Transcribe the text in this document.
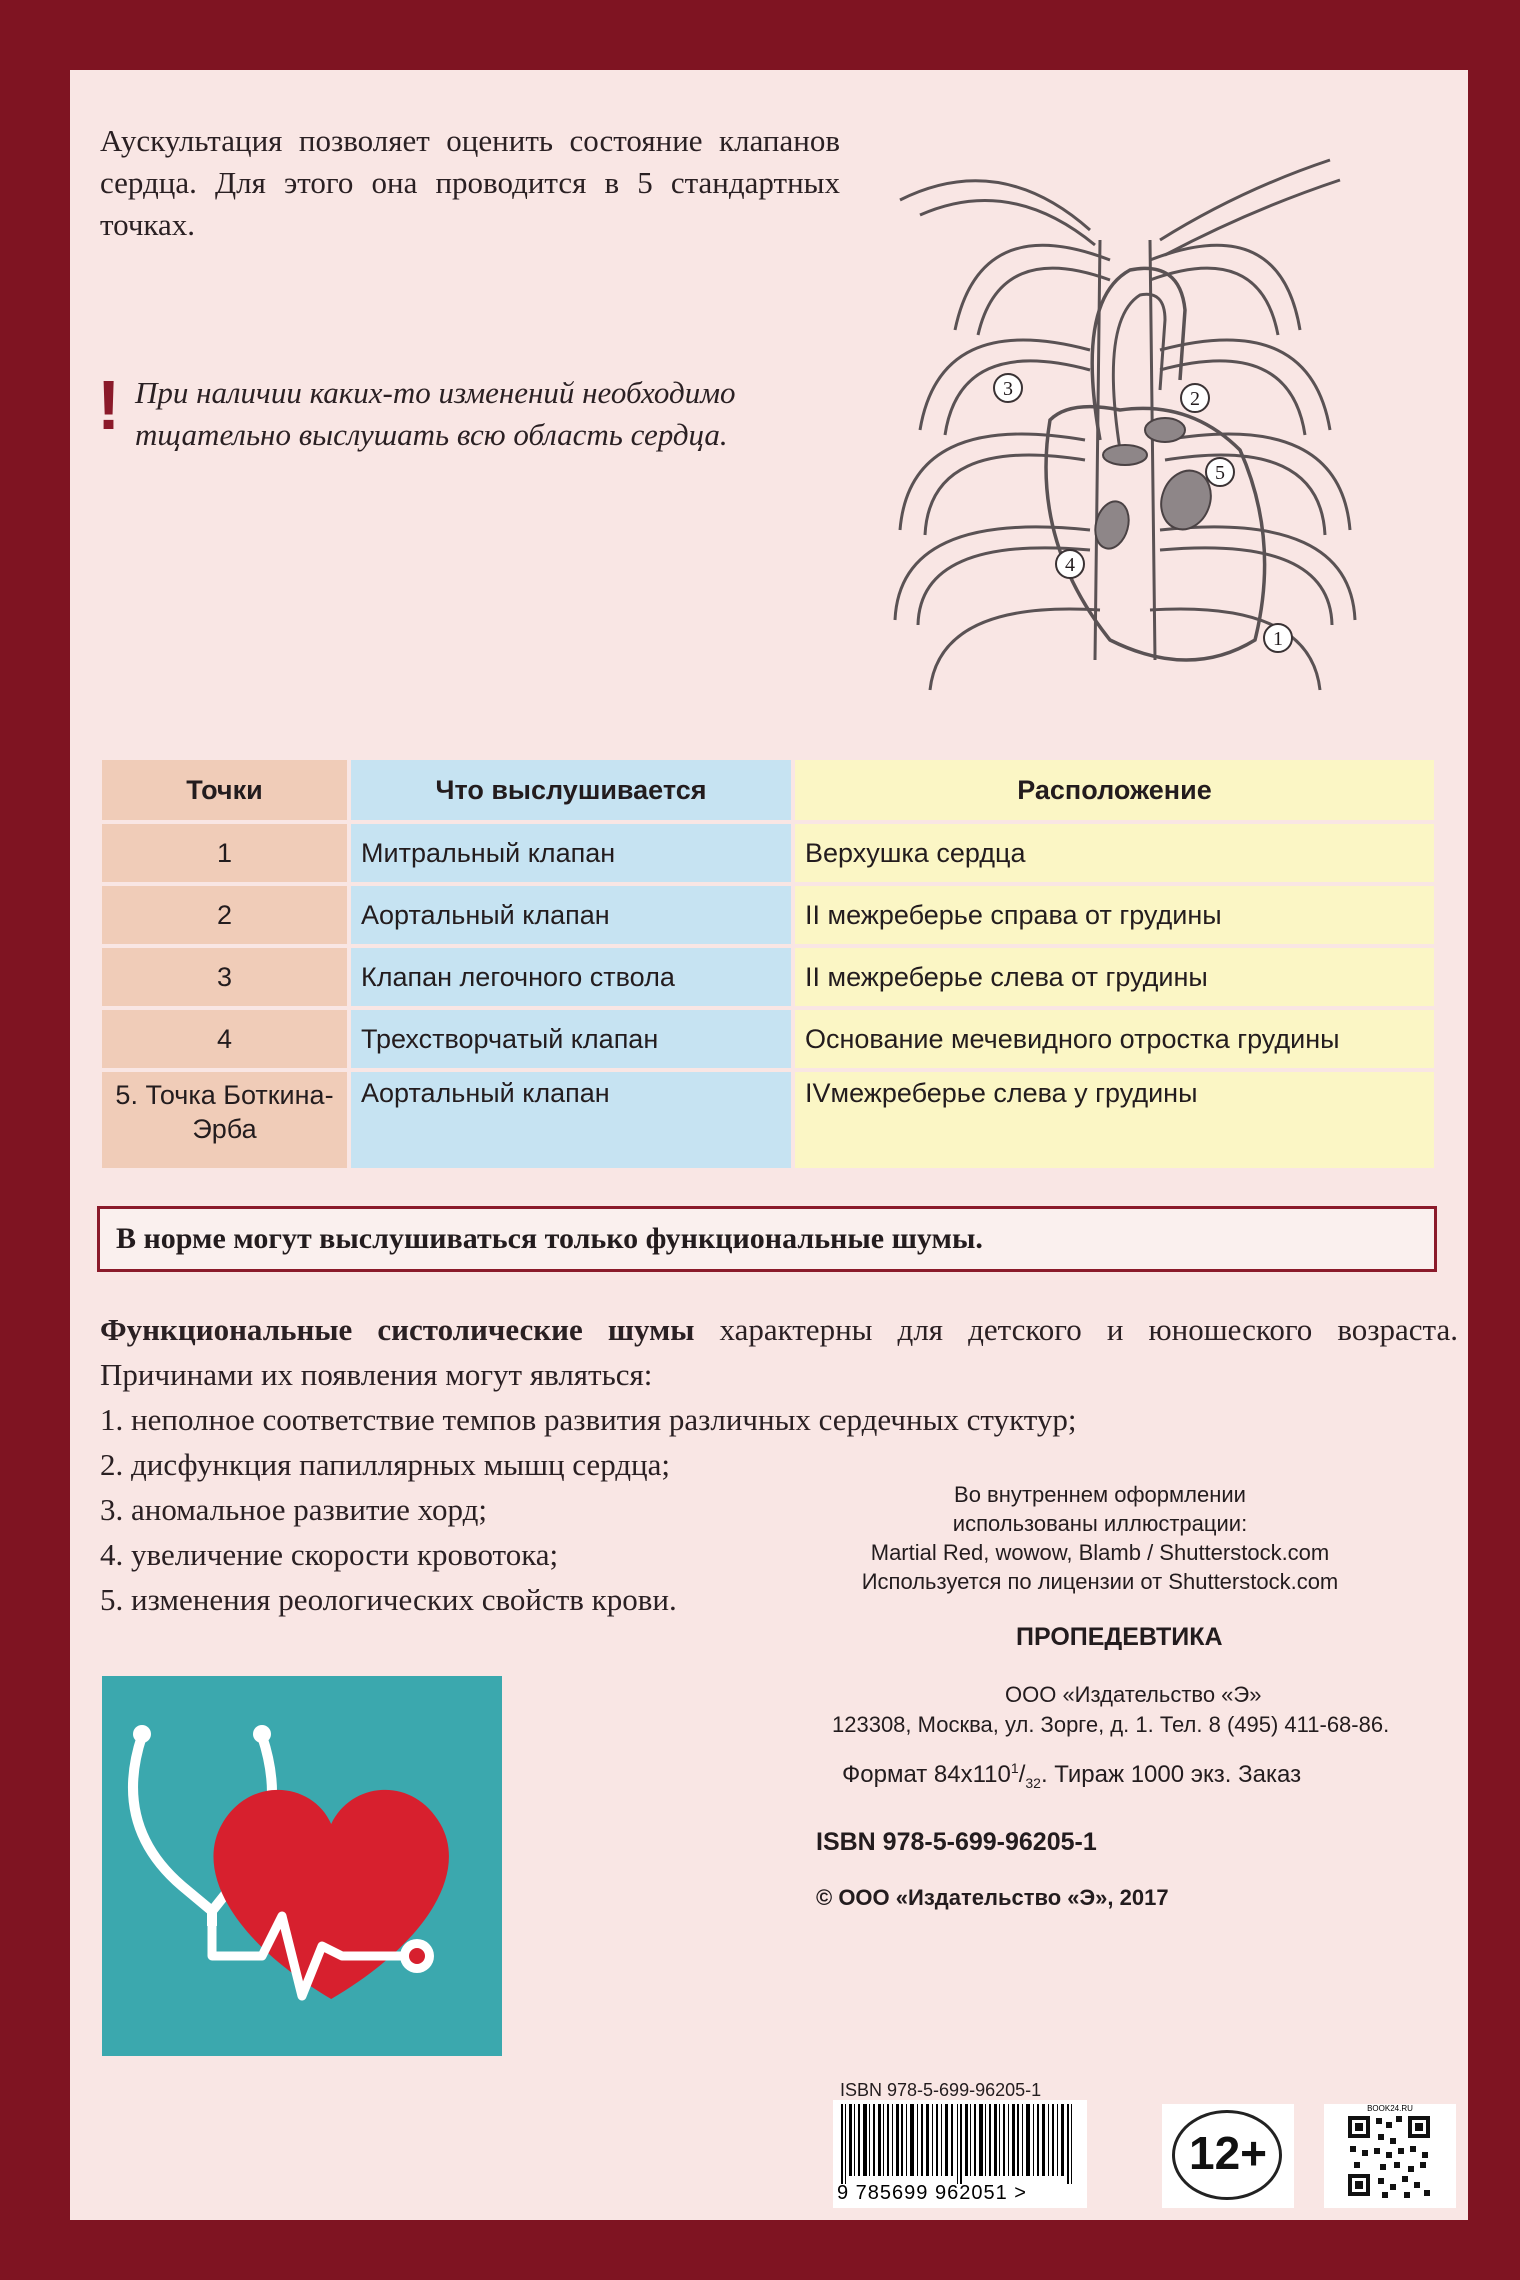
Аускультация позволяет оценить состояние клапанов сердца. Для этого она проводится в 5 стандартных точках.
! При наличии каких-то изменений необходимо тщательно выслушать всю область сердца.
3	2
5
4
1
Точки	Что выслушивается	Расположение
1	Митральный клапан	Верхушка сердца
2	Аортальный клапан	II межреберье справа от грудины
3	Клапан легочного ствола	II межреберье слева от грудины
4	Трехстворчатый клапан	Основание мечевидного отростка грудины
5. Точка Боткина-Эрба	Аортальный клапан	IVмежреберье слева у грудины
В норме могут выслушиваться только функциональные шумы.

Функциональные систолические шумы характерны для детского и юношеского возраста. Причинами их появления могут являться:

1. неполное соответствие темпов развития различных сердечных стуктур;
2. дисфункция папиллярных мышц сердца;
3. аномальное развитие хорд;
4. увеличение скорости кровотока;
5. изменения реологических свойств крови.
Во внутреннем оформлении
использованы иллюстрации:
Martial Red, wowow, Blamb / Shutterstock.com
Используется по лицензии от Shutterstock.com
ПРОПЕДЕВТИКА
ООО «Издательство «Э»
123308, Москва, ул. Зорге, д. 1. Тел. 8 (495) 411-68-86.
Формат $84х110^1/_{32}$. Тираж 1000 экз. Заказ
ISBN 978-5-699-96205-1
© ООО «Издательство «Э», 2017
ISBN 978-5-699-96205-1
9 785699 962051 >
12+
BOOK24.RU
